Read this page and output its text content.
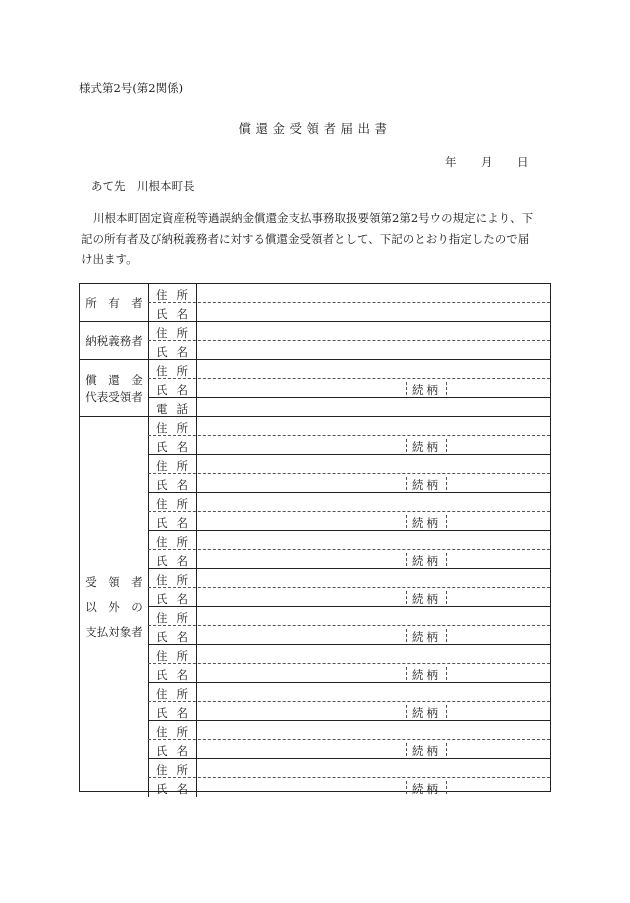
様式第2号(第2関係)
償還金受領者届出書
年 月 日
あて先　川根本町長
川根本町固定資産税等過誤納金償還金支払事務取扱要領第2第2号ウの規定により、下
記の所有者及び納税義務者に対する償還金受領者として、下記のとおり指定したので届
け出ます。
所　有　者
住所
氏名
納税義務者
住所
氏名
償　還　金
代表受領者
住所
氏名	続柄
電話
受　領　者
以　外　の
支払対象者
住所
氏名	続柄
住所
氏名	続柄
住所
氏名	続柄
住所
氏名	続柄
住所
氏名	続柄
住所
氏名	続柄
住所
氏名	続柄
住所
氏名	続柄
住所
氏名	続柄
住所
氏名	続柄
